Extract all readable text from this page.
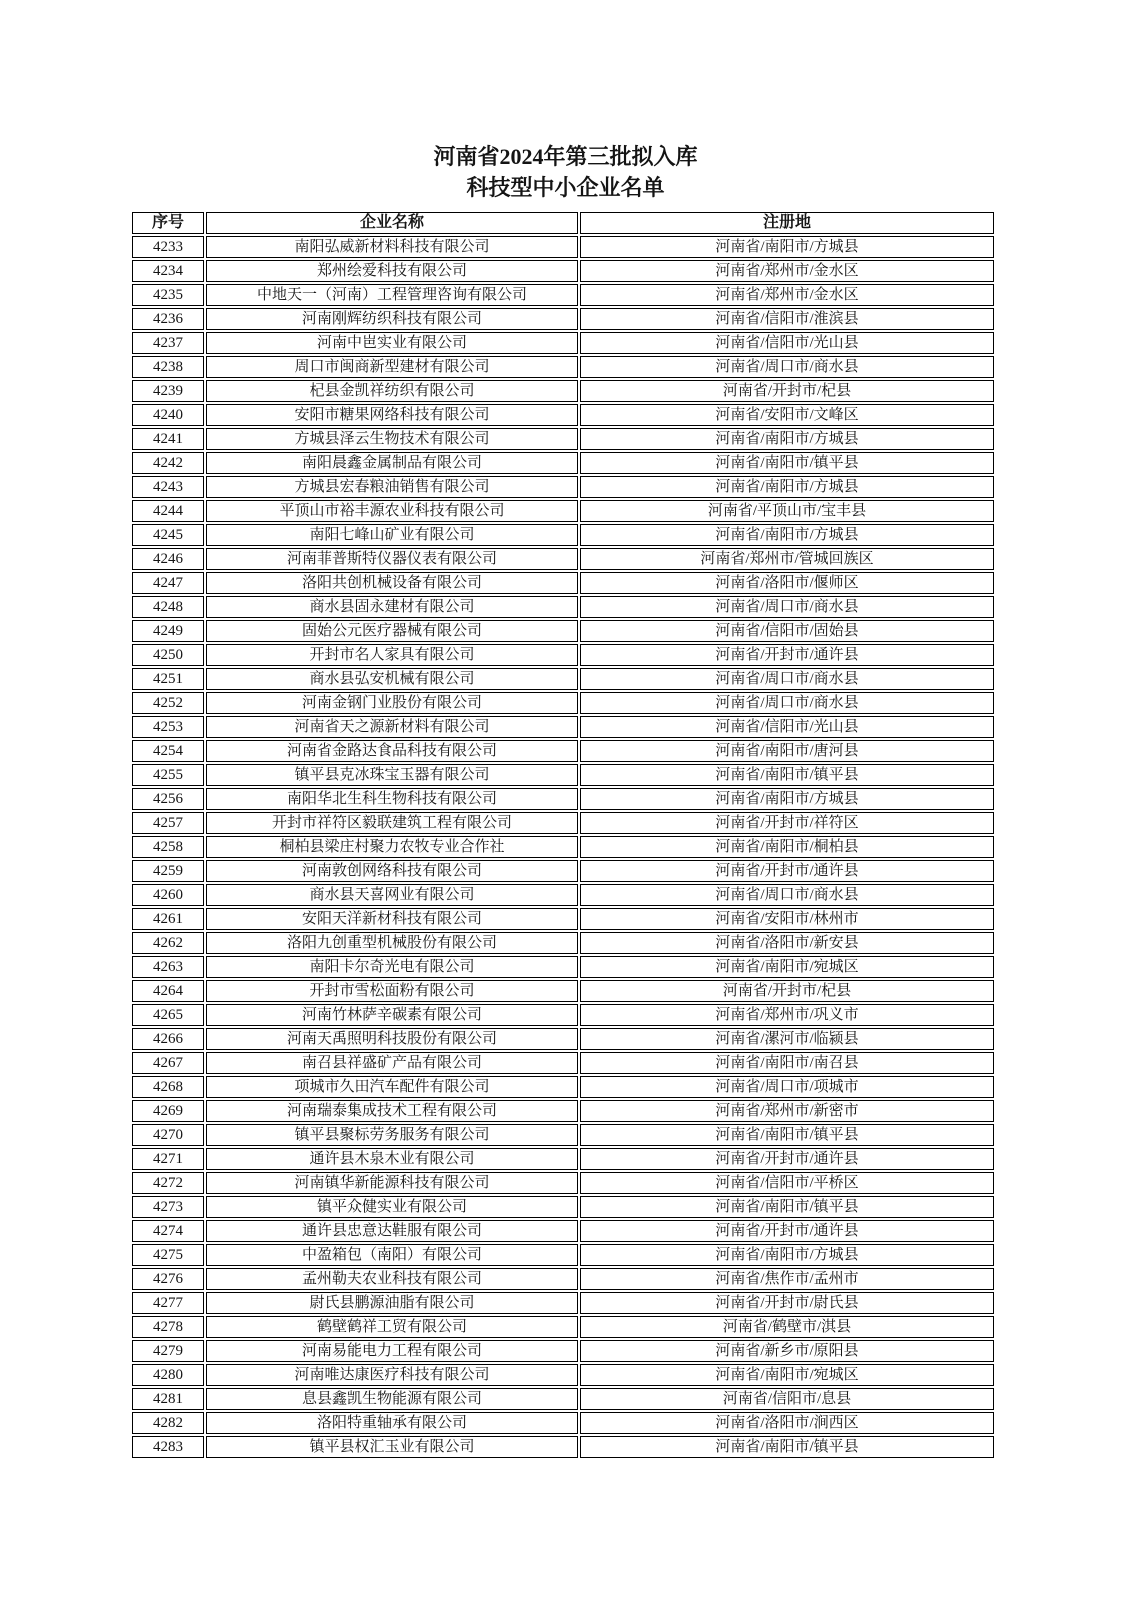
河南省2024年第三批拟入库
科技型中小企业名单
序号	企业名称	注册地
4233	南阳弘威新材料科技有限公司	河南省/南阳市/方城县
4234	郑州绘爱科技有限公司	河南省/郑州市/金水区
4235	中地天一（河南）工程管理咨询有限公司	河南省/郑州市/金水区
4236	河南刚辉纺织科技有限公司	河南省/信阳市/淮滨县
4237	河南中岜实业有限公司	河南省/信阳市/光山县
4238	周口市闽商新型建材有限公司	河南省/周口市/商水县
4239	杞县金凯祥纺织有限公司	河南省/开封市/杞县
4240	安阳市糖果网络科技有限公司	河南省/安阳市/文峰区
4241	方城县泽云生物技术有限公司	河南省/南阳市/方城县
4242	南阳晨鑫金属制品有限公司	河南省/南阳市/镇平县
4243	方城县宏春粮油销售有限公司	河南省/南阳市/方城县
4244	平顶山市裕丰源农业科技有限公司	河南省/平顶山市/宝丰县
4245	南阳七峰山矿业有限公司	河南省/南阳市/方城县
4246	河南菲普斯特仪器仪表有限公司	河南省/郑州市/管城回族区
4247	洛阳共创机械设备有限公司	河南省/洛阳市/偃师区
4248	商水县固永建材有限公司	河南省/周口市/商水县
4249	固始公元医疗器械有限公司	河南省/信阳市/固始县
4250	开封市名人家具有限公司	河南省/开封市/通许县
4251	商水县弘安机械有限公司	河南省/周口市/商水县
4252	河南金钢门业股份有限公司	河南省/周口市/商水县
4253	河南省天之源新材料有限公司	河南省/信阳市/光山县
4254	河南省金路达食品科技有限公司	河南省/南阳市/唐河县
4255	镇平县克冰珠宝玉器有限公司	河南省/南阳市/镇平县
4256	南阳华北生科生物科技有限公司	河南省/南阳市/方城县
4257	开封市祥符区毅联建筑工程有限公司	河南省/开封市/祥符区
4258	桐柏县梁庄村聚力农牧专业合作社	河南省/南阳市/桐柏县
4259	河南敦创网络科技有限公司	河南省/开封市/通许县
4260	商水县天喜网业有限公司	河南省/周口市/商水县
4261	安阳天洋新材科技有限公司	河南省/安阳市/林州市
4262	洛阳九创重型机械股份有限公司	河南省/洛阳市/新安县
4263	南阳卡尔奇光电有限公司	河南省/南阳市/宛城区
4264	开封市雪松面粉有限公司	河南省/开封市/杞县
4265	河南竹林萨辛碳素有限公司	河南省/郑州市/巩义市
4266	河南天禹照明科技股份有限公司	河南省/漯河市/临颍县
4267	南召县祥盛矿产品有限公司	河南省/南阳市/南召县
4268	项城市久田汽车配件有限公司	河南省/周口市/项城市
4269	河南瑞泰集成技术工程有限公司	河南省/郑州市/新密市
4270	镇平县聚标劳务服务有限公司	河南省/南阳市/镇平县
4271	通许县木泉木业有限公司	河南省/开封市/通许县
4272	河南镇华新能源科技有限公司	河南省/信阳市/平桥区
4273	镇平众健实业有限公司	河南省/南阳市/镇平县
4274	通许县忠意达鞋服有限公司	河南省/开封市/通许县
4275	中盈箱包（南阳）有限公司	河南省/南阳市/方城县
4276	孟州勒夫农业科技有限公司	河南省/焦作市/孟州市
4277	尉氏县鹏源油脂有限公司	河南省/开封市/尉氏县
4278	鹤壁鹤祥工贸有限公司	河南省/鹤壁市/淇县
4279	河南易能电力工程有限公司	河南省/新乡市/原阳县
4280	河南唯达康医疗科技有限公司	河南省/南阳市/宛城区
4281	息县鑫凯生物能源有限公司	河南省/信阳市/息县
4282	洛阳特重轴承有限公司	河南省/洛阳市/涧西区
4283	镇平县权汇玉业有限公司	河南省/南阳市/镇平县
